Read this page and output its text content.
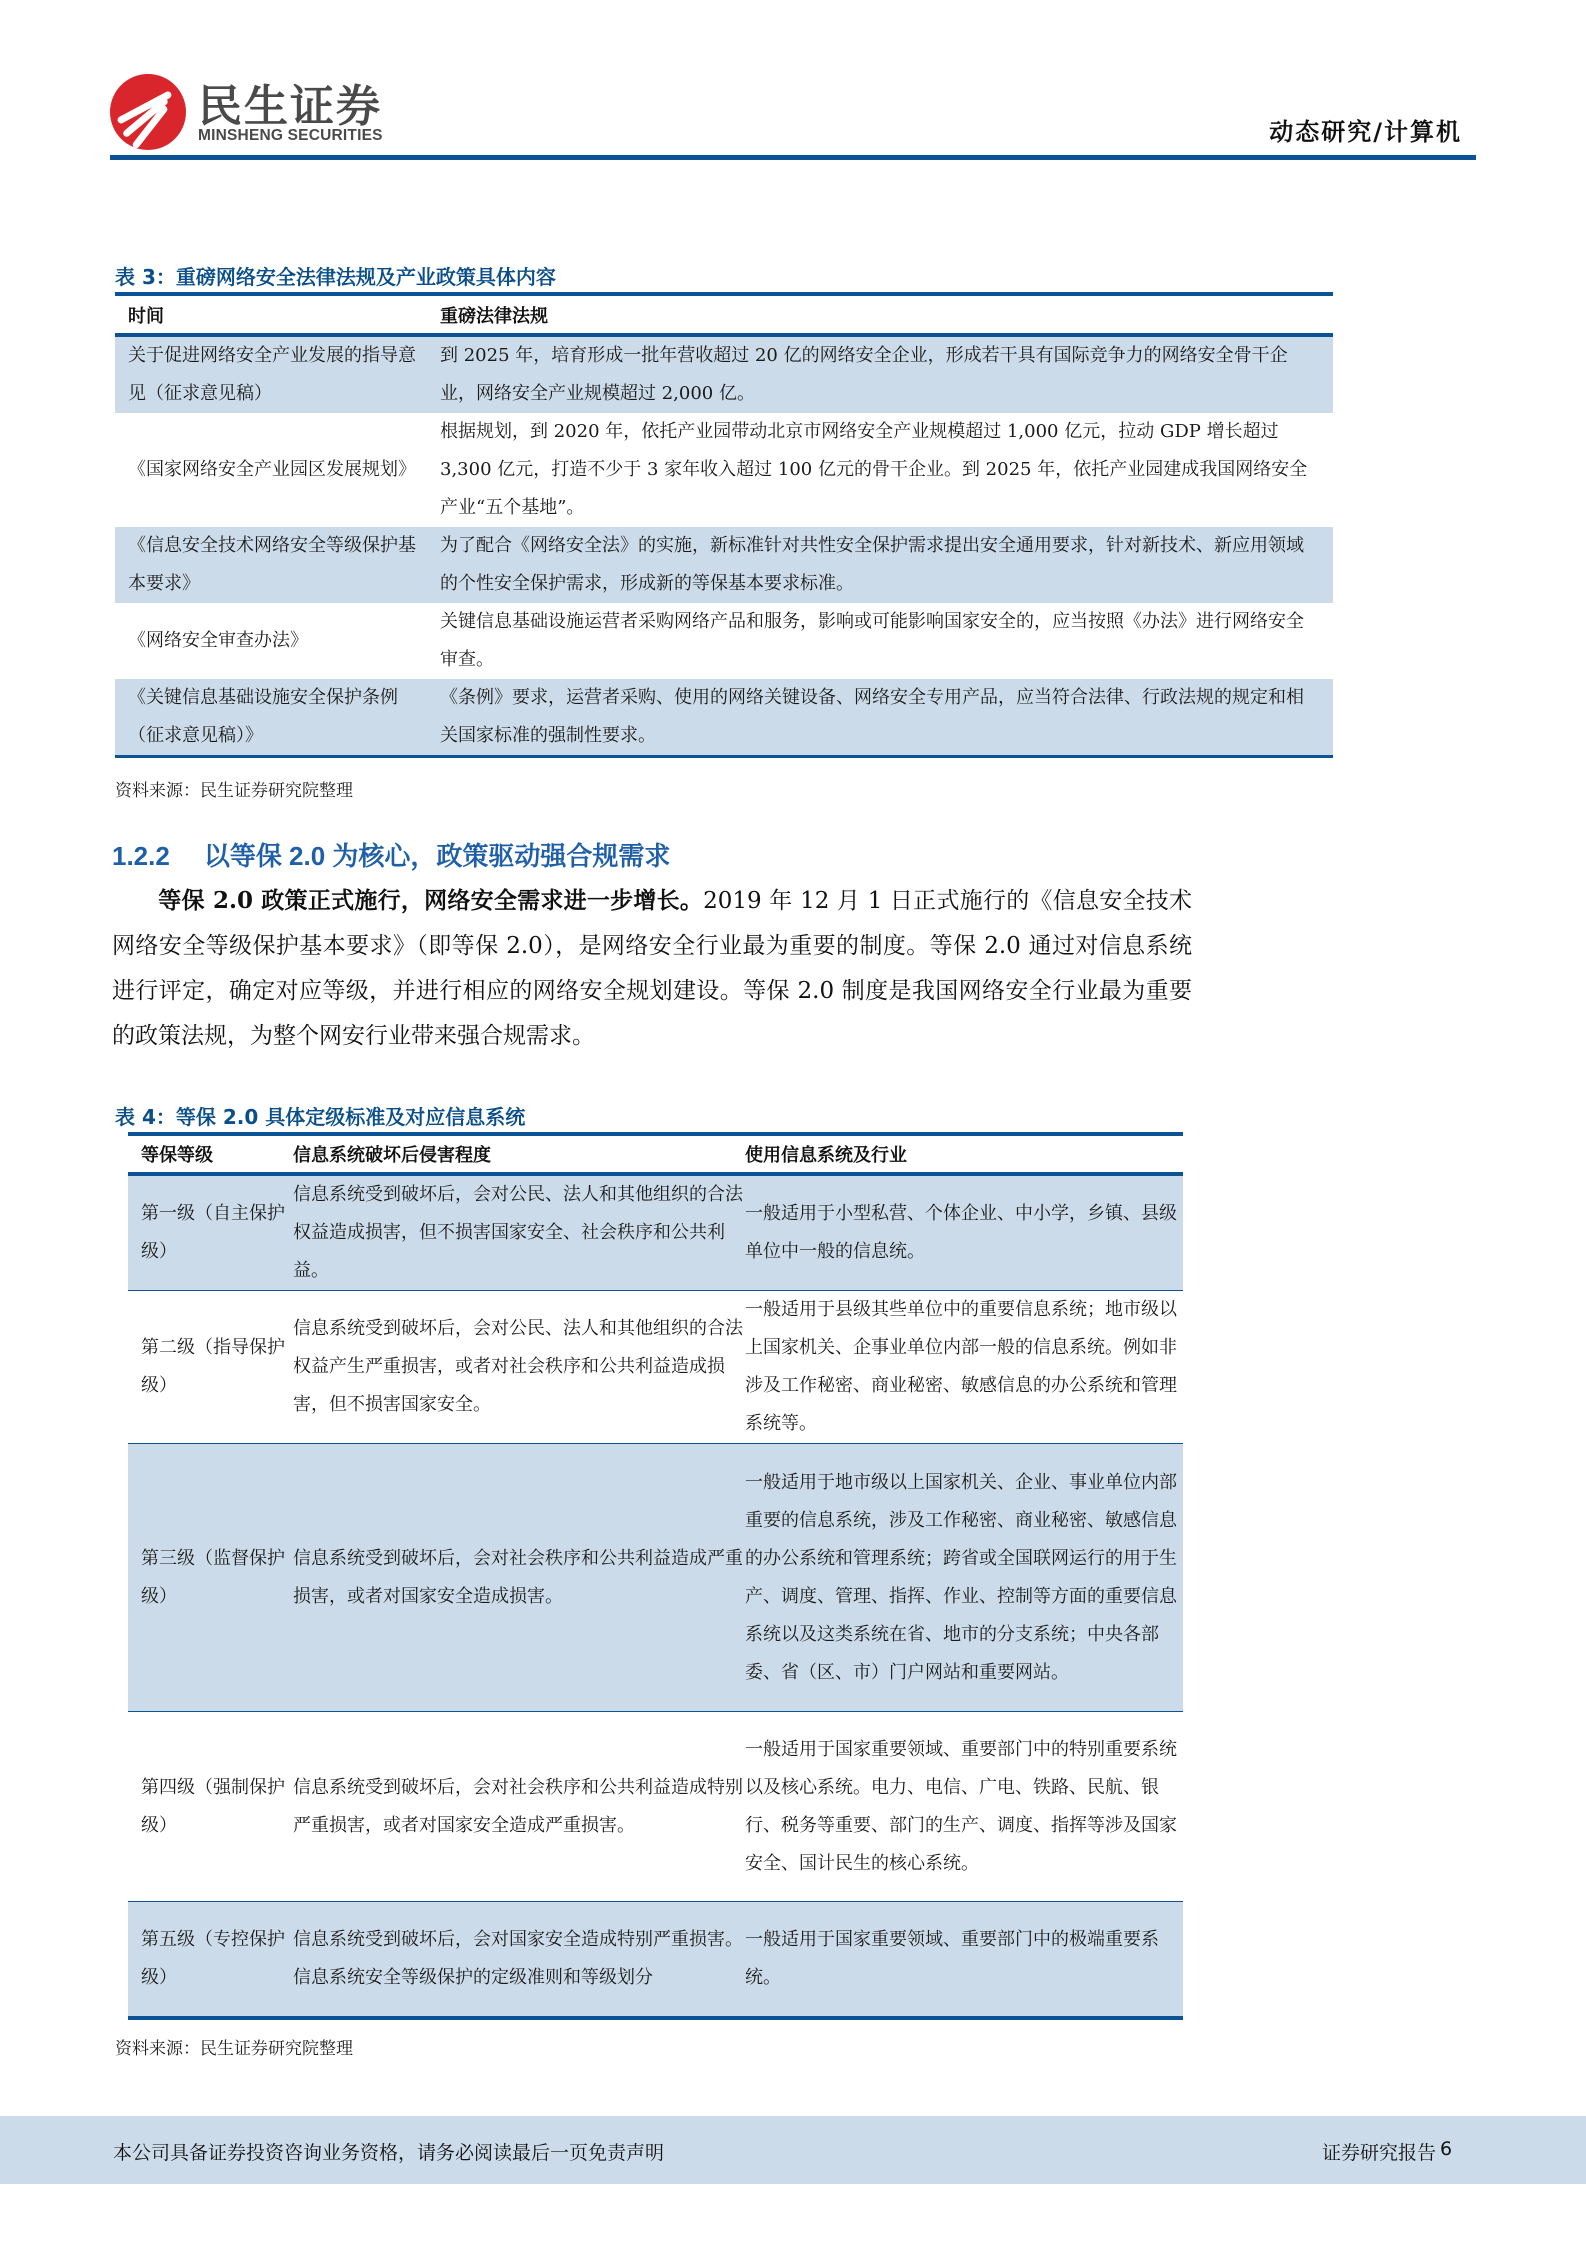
民生证券
MINSHENG SECURITIES	动态研究/计算机
表 3：重磅网络安全法律法规及产业政策具体内容
时间	重磅法律法规
关于促进网络安全产业发展的指导意见（征求意见稿）	到 2025 年，培育形成一批年营收超过 20 亿的网络安全企业，形成若干具有国际竞争力的网络安全骨干企业，网络安全产业规模超过 2,000 亿。
《国家网络安全产业园区发展规划》	根据规划，到 2020 年，依托产业园带动北京市网络安全产业规模超过 1,000 亿元，拉动 GDP 增长超过 3,300 亿元，打造不少于 3 家年收入超过 100 亿元的骨干企业。到 2025 年，依托产业园建成我国网络安全产业“五个基地”。
《信息安全技术网络安全等级保护基本要求》	为了配合《网络安全法》的实施，新标准针对共性安全保护需求提出安全通用要求，针对新技术、新应用领域的个性安全保护需求，形成新的等保基本要求标准。
《网络安全审查办法》	关键信息基础设施运营者采购网络产品和服务，影响或可能影响国家安全的，应当按照《办法》进行网络安全审查。
《关键信息基础设施安全保护条例（征求意见稿）》	《条例》要求，运营者采购、使用的网络关键设备、网络安全专用产品，应当符合法律、行政法规的规定和相关国家标准的强制性要求。
资料来源：民生证券研究院整理
1.2.2 以等保 2.0 为核心，政策驱动强合规需求
等保 2.0 政策正式施行，网络安全需求进一步增长。2019 年 12 月 1 日正式施行的《信息安全技术网络安全等级保护基本要求》（即等保 2.0），是网络安全行业最为重要的制度。等保 2.0 通过对信息系统进行评定，确定对应等级，并进行相应的网络安全规划建设。等保 2.0 制度是我国网络安全行业最为重要的政策法规，为整个网安行业带来强合规需求。
表 4：等保 2.0 具体定级标准及对应信息系统
等保等级	信息系统破坏后侵害程度	使用信息系统及行业
第一级（自主保护级）	信息系统受到破坏后，会对公民、法人和其他组织的合法权益造成损害，但不损害国家安全、社会秩序和公共利益。	一般适用于小型私营、个体企业、中小学，乡镇、县级单位中一般的信息统。
第二级（指导保护级）	信息系统受到破坏后，会对公民、法人和其他组织的合法权益产生严重损害，或者对社会秩序和公共利益造成损害，但不损害国家安全。	一般适用于县级其些单位中的重要信息系统；地市级以上国家机关、企事业单位内部一般的信息系统。例如非涉及工作秘密、商业秘密、敏感信息的办公系统和管理系统等。
第三级（监督保护级）	信息系统受到破坏后，会对社会秩序和公共利益造成严重损害，或者对国家安全造成损害。	一般适用于地市级以上国家机关、企业、事业单位内部重要的信息系统，涉及工作秘密、商业秘密、敏感信息的办公系统和管理系统；跨省或全国联网运行的用于生产、调度、管理、指挥、作业、控制等方面的重要信息系统以及这类系统在省、地市的分支系统；中央各部委、省（区、市）门户网站和重要网站。
第四级（强制保护级）	信息系统受到破坏后，会对社会秩序和公共利益造成特别严重损害，或者对国家安全造成严重损害。	一般适用于国家重要领域、重要部门中的特别重要系统以及核心系统。电力、电信、广电、铁路、民航、银行、税务等重要、部门的生产、调度、指挥等涉及国家安全、国计民生的核心系统。
第五级（专控保护级）	信息系统受到破坏后，会对国家安全造成特别严重损害。信息系统安全等级保护的定级准则和等级划分	一般适用于国家重要领域、重要部门中的极端重要系统。
资料来源：民生证券研究院整理
本公司具备证券投资咨询业务资格，请务必阅读最后一页免责声明	证券研究报告 6
